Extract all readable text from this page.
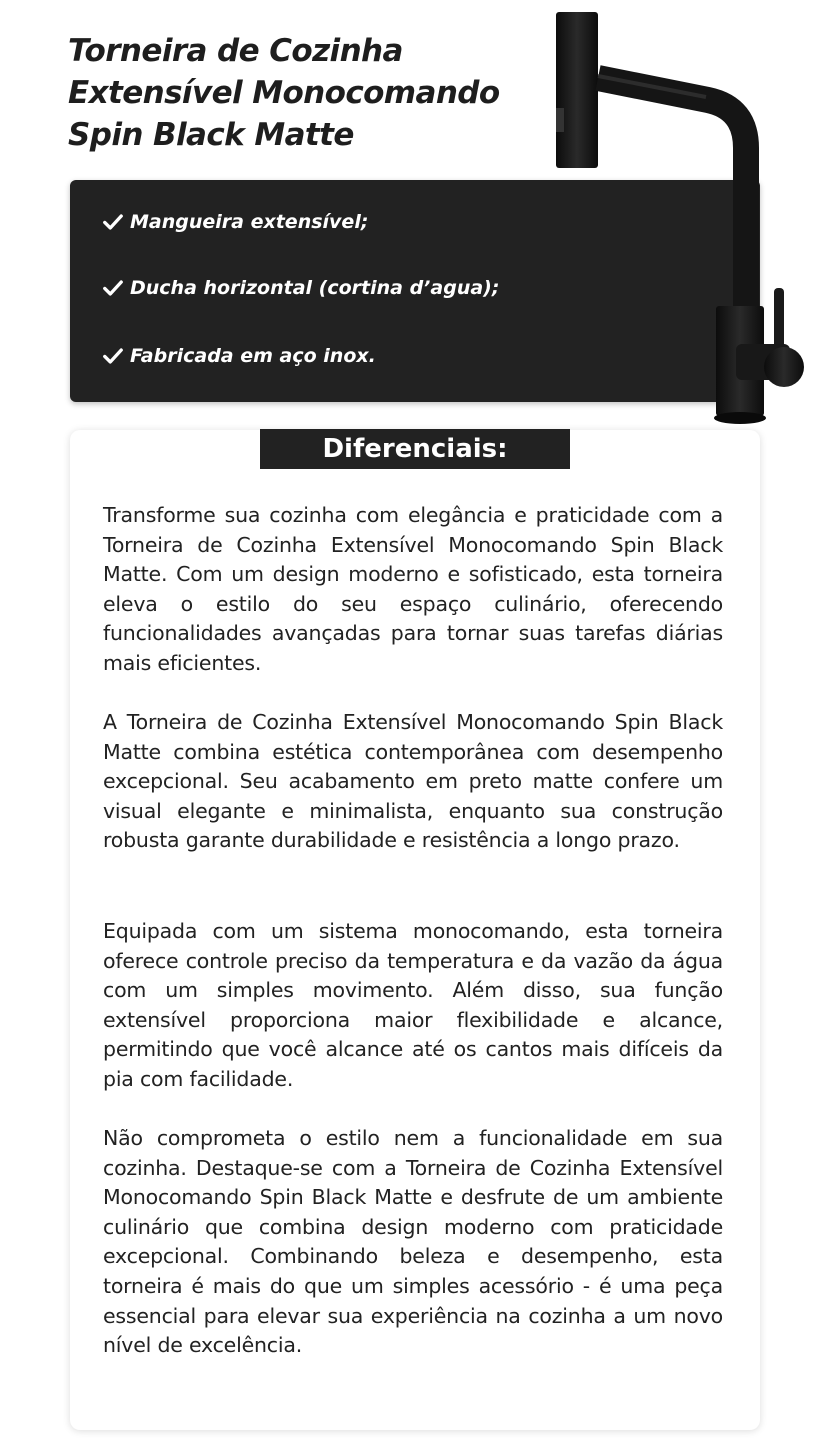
Torneira de Cozinha
Extensível Monocomando
Spin Black Matte
Mangueira extensível;
Ducha horizontal (cortina d’agua);
Fabricada em aço inox.
Diferenciais:

Transforme sua cozinha com elegância e praticidade com a Torneira de Cozinha Extensível Monocomando Spin Black Matte. Com um design moderno e sofisticado, esta torneira eleva o estilo do seu espaço culinário, oferecendo funcionalidades avançadas para tornar suas tarefas diárias mais eficientes.

A Torneira de Cozinha Extensível Monocomando Spin Black Matte combina estética contemporânea com desempenho excepcional. Seu acabamento em preto matte confere um visual elegante e minimalista, enquanto sua construção robusta garante durabilidade e resistência a longo prazo.

Equipada com um sistema monocomando, esta torneira oferece controle preciso da temperatura e da vazão da água com um simples movimento. Além disso, sua função extensível proporciona maior flexibilidade e alcance, permitindo que você alcance até os cantos mais difíceis da pia com facilidade.

Não comprometa o estilo nem a funcionalidade em sua cozinha. Destaque-se com a Torneira de Cozinha Extensível Monocomando Spin Black Matte e desfrute de um ambiente culinário que combina design moderno com praticidade excepcional. Combinando beleza e desempenho, esta torneira é mais do que um simples acessório - é uma peça essencial para elevar sua experiência na cozinha a um novo nível de excelência.
